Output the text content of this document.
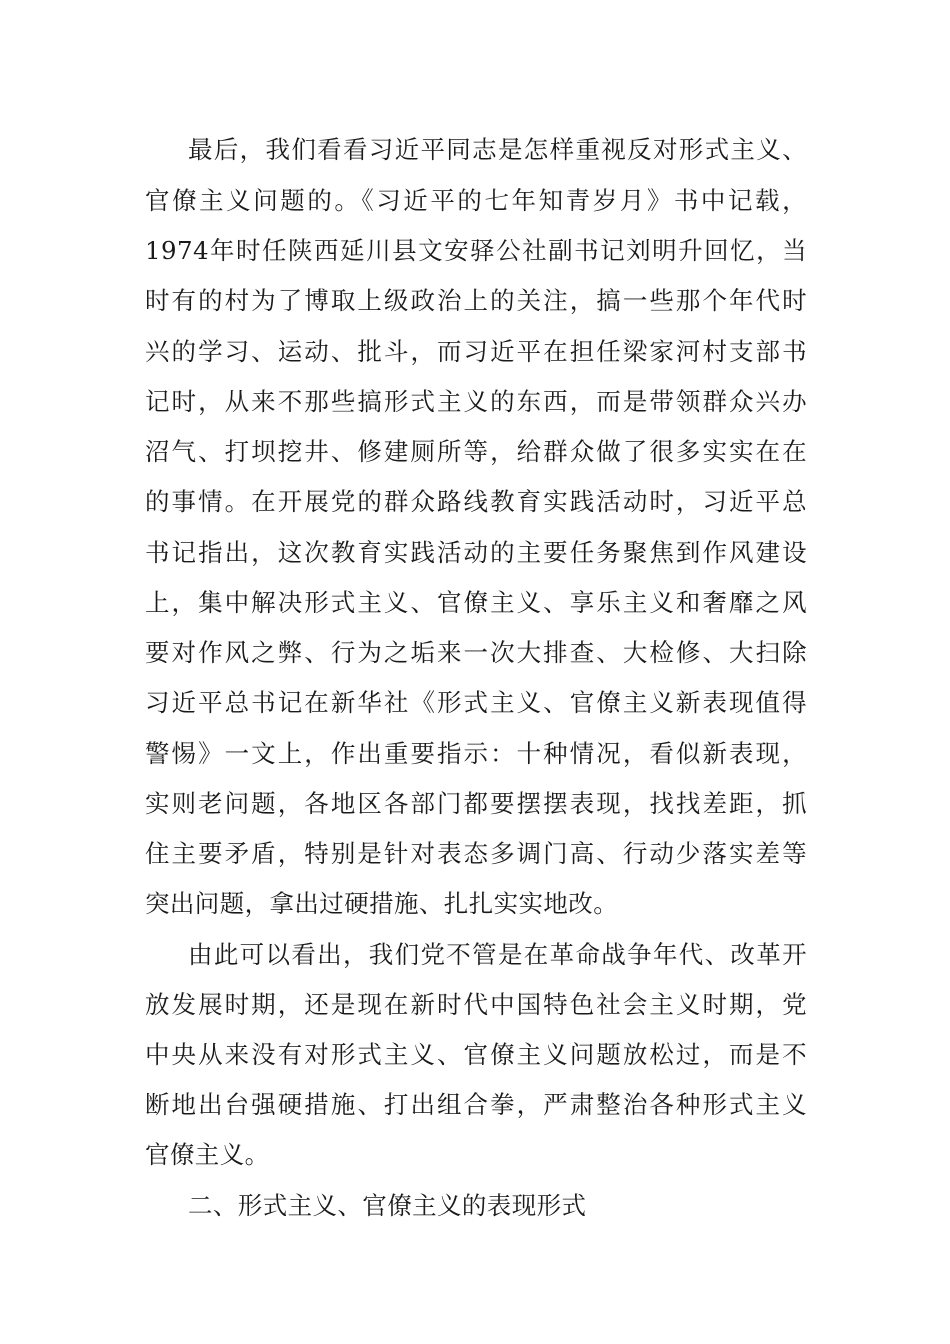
最后，我们看看习近平同志是怎样重视反对形式主义、
官僚主义问题的。《习近平的七年知青岁月》书中记载，
1974年时任陕西延川县文安驿公社副书记刘明升回忆，当
时有的村为了博取上级政治上的关注，搞一些那个年代时
兴的学习、运动、批斗，而习近平在担任梁家河村支部书
记时，从来不那些搞形式主义的东西，而是带领群众兴办
沼气、打坝挖井、修建厕所等，给群众做了很多实实在在
的事情。在开展党的群众路线教育实践活动时，习近平总
书记指出，这次教育实践活动的主要任务聚焦到作风建设
上，集中解决形式主义、官僚主义、享乐主义和奢靡之风
要对作风之弊、行为之垢来一次大排查、大检修、大扫除
习近平总书记在新华社《形式主义、官僚主义新表现值得
警惕》一文上，作出重要指示：十种情况，看似新表现，
实则老问题，各地区各部门都要摆摆表现，找找差距，抓
住主要矛盾，特别是针对表态多调门高、行动少落实差等
突出问题，拿出过硬措施、扎扎实实地改。
由此可以看出，我们党不管是在革命战争年代、改革开
放发展时期，还是现在新时代中国特色社会主义时期，党
中央从来没有对形式主义、官僚主义问题放松过，而是不
断地出台强硬措施、打出组合拳，严肃整治各种形式主义
官僚主义。
二、形式主义、官僚主义的表现形式
